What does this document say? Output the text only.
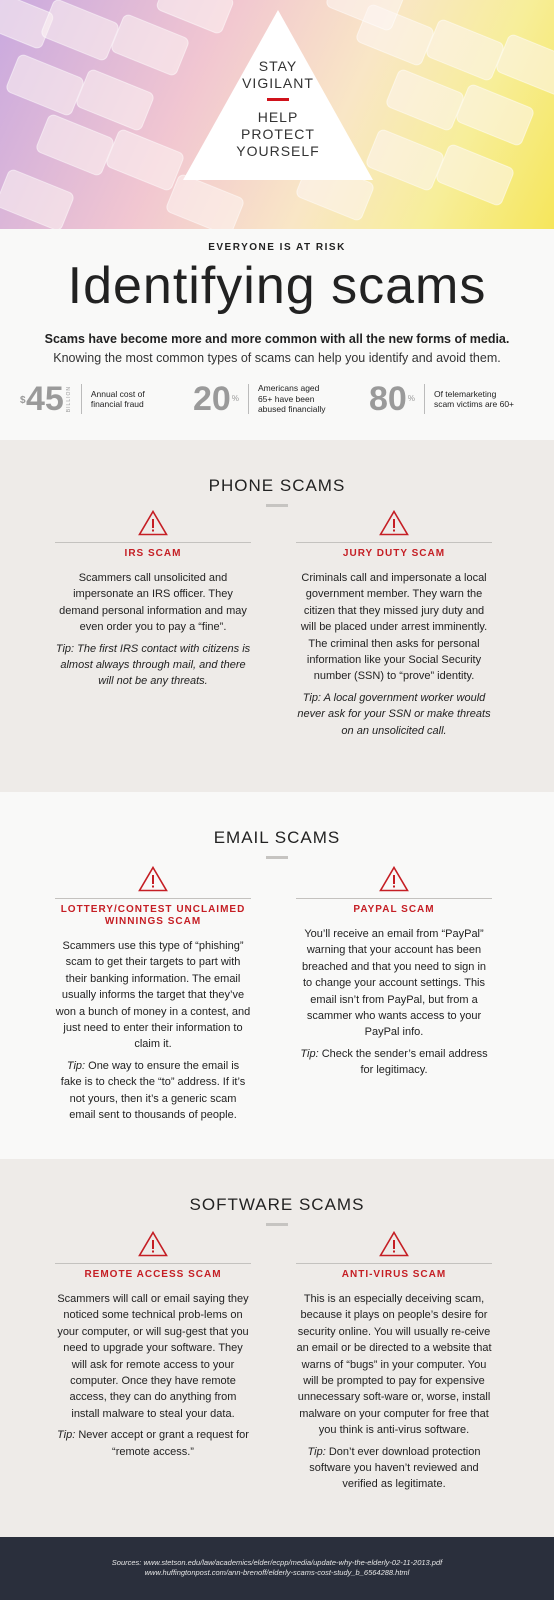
STAY
VIGILANT
HELP
PROTECT
YOURSELF
EVERYONE IS AT RISK
Identifying scams
Scams have become more and more common with all the new forms of media.
Knowing the most common types of scams can help you identify and avoid them.
$ 45 BILLION Annual cost of
financial fraud 20%
Americans aged
65+ have been
abused financially 80% Of telemarketing
scam victims are 60+
PHONE SCAMS
IRS SCAM
Scammers call unsolicited and impersonate an IRS officer. They demand personal information and may even order you to pay a “fine”.
Tip: The first IRS contact with citizens is almost always through mail, and there will not be any threats.
JURY DUTY SCAM
Criminals call and impersonate a local government member. They warn the citizen that they missed jury duty and will be placed under arrest imminently. The criminal then asks for personal information like your Social Security number (SSN) to “prove” identity.
Tip: A local government worker would never ask for your SSN or make threats on an unsolicited call.
EMAIL SCAMS
LOTTERY/CONTEST UNCLAIMED WINNINGS SCAM
Scammers use this type of “phishing” scam to get their targets to part with their banking information. The email usually informs the target that they’ve won a bunch of money in a contest, and just need to enter their information to claim it.
Tip: One way to ensure the email is fake is to check the “to” address. If it’s not yours, then it’s a generic scam email sent to thousands of people.
PAYPAL SCAM
You’ll receive an email from “PayPal” warning that your account has been breached and that you need to sign in to change your account settings. This email isn’t from PayPal, but from a scammer who wants access to your PayPal info.
Tip: Check the sender’s email address for legitimacy.
SOFTWARE SCAMS
REMOTE ACCESS SCAM
Scammers will call or email saying they noticed some technical prob-lems on your computer, or will sug-gest that you need to upgrade your software. They will ask for remote access to your computer. Once they have remote access, they can do anything from install malware to steal your data.
Tip: Never accept or grant a request for “remote access.”
ANTI-VIRUS SCAM
This is an especially deceiving scam, because it plays on people’s desire for security online. You will usually re-ceive an email or be directed to a website that warns of “bugs” in your computer. You will be prompted to pay for expensive unnecessary soft-ware or, worse, install malware on your computer for free that you think is anti-virus software.
Tip: Don’t ever download protection software you haven’t reviewed and verified as legitimate.
Sources: www.stetson.edu/law/academics/elder/ecpp/media/update-why-the-elderly-02-11-2013.pdf
www.huffingtonpost.com/ann-brenoff/elderly-scams-cost-study_b_6564288.html
